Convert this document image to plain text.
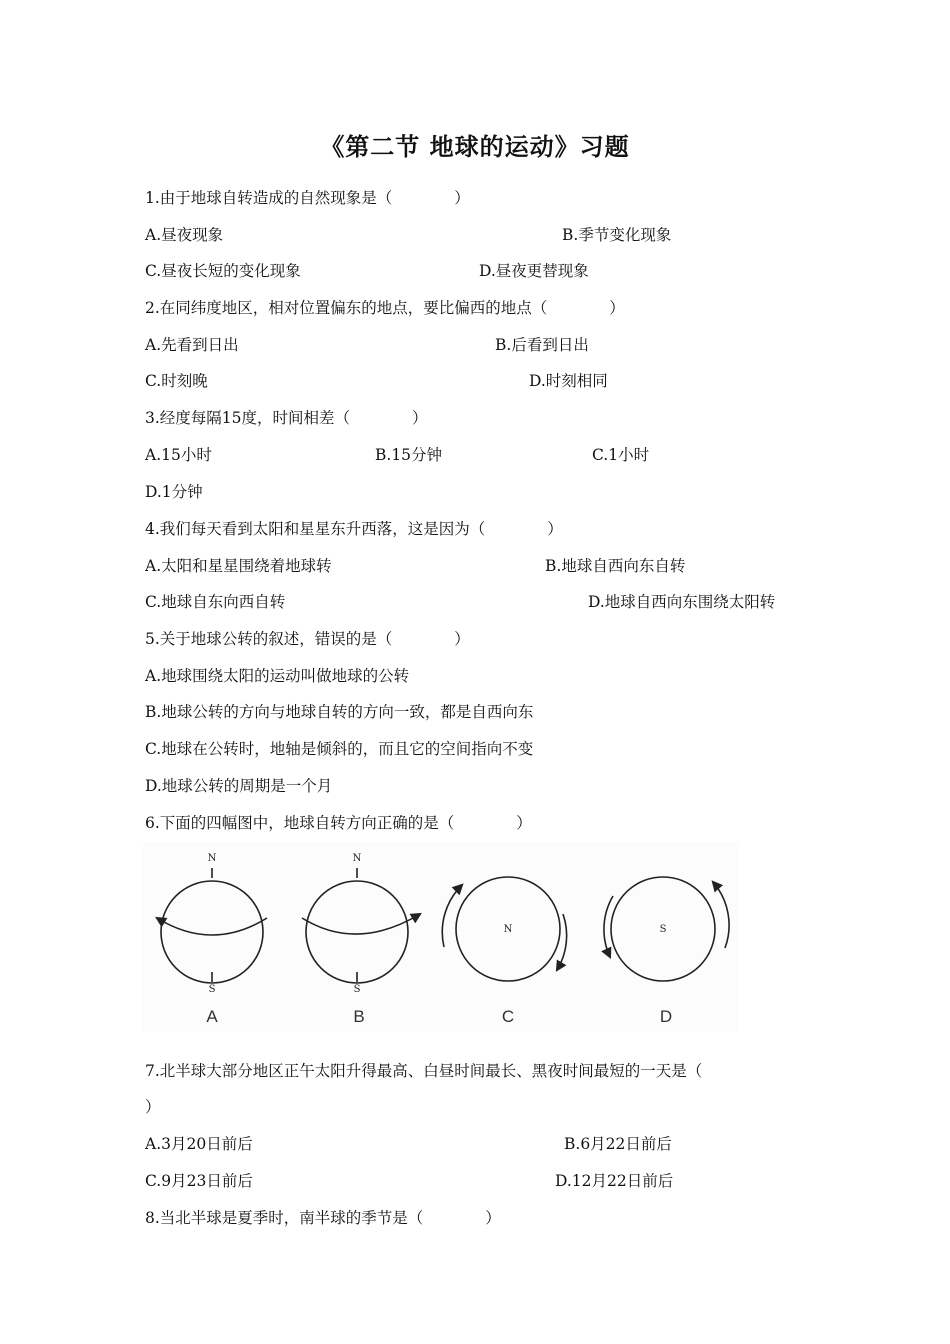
《第二节 地球的运动》习题
1.由于地球自转造成的自然现象是（　　　　）
A.昼夜现象	B.季节变化现象
C.昼夜长短的变化现象	D.昼夜更替现象
2.在同纬度地区，相对位置偏东的地点，要比偏西的地点（　　　　）
A.先看到日出	B.后看到日出
C.时刻晚	D.时刻相同
3.经度每隔15度，时间相差（　　　　）
A.15小时	B.15分钟	C.1小时
D.1分钟
4.我们每天看到太阳和星星东升西落，这是因为（　　　　）
A.太阳和星星围绕着地球转	B.地球自西向东自转
C.地球自东向西自转	D.地球自西向东围绕太阳转
5.关于地球公转的叙述，错误的是（　　　　）
A.地球围绕太阳的运动叫做地球的公转
B.地球公转的方向与地球自转的方向一致，都是自西向东
C.地球在公转时，地轴是倾斜的，而且它的空间指向不变
D.地球公转的周期是一个月
6.下面的四幅图中，地球自转方向正确的是（　　　　）
N
S
N
S
N	S
A	B	C	D
7.北半球大部分地区正午太阳升得最高、白昼时间最长、黑夜时间最短的一天是（
）
A.3月20日前后	B.6月22日前后
C.9月23日前后	D.12月22日前后
8.当北半球是夏季时，南半球的季节是（　　　　）
